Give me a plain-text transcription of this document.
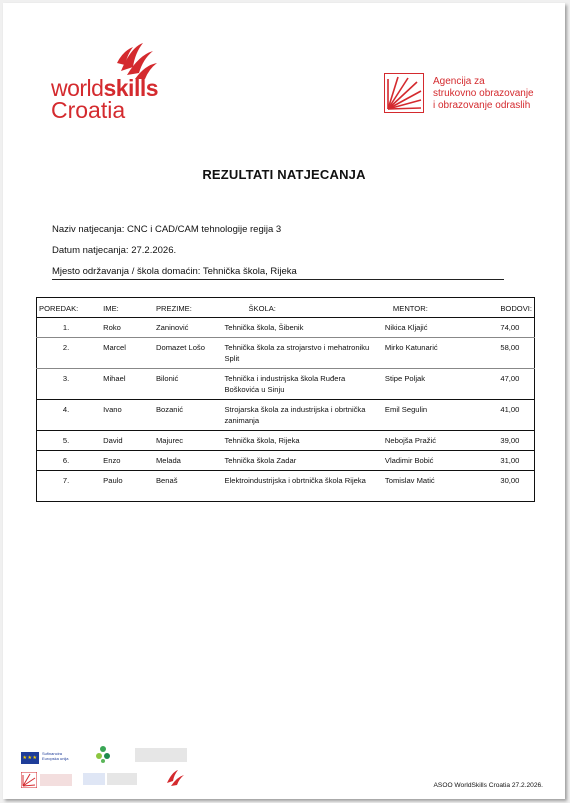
worldskills
Croatia
Agencija za
strukovno obrazovanje
i obrazovanje odraslih
REZULTATI NATJECANJA
Naziv natjecanja: CNC i CAD/CAM tehnologije regija 3
Datum natjecanja: 27.2.2026.
Mjesto održavanja / škola domaćin: Tehnička škola, Rijeka
POREDAK:	IME:	PREZIME:	ŠKOLA:	MENTOR:	BODOVI:
1.	Roko	Zaninović	Tehnička škola, Šibenik	Nikica Kljajić	74,00
2.	Marcel	Domazet Lošo	Tehnička škola za strojarstvo i mehatroniku Split	Mirko Katunarić	58,00
3.	Mihael	Bilonić	Tehnička i industrijska škola Ruđera Boškovića u Sinju	Stipe Poljak	47,00
4.	Ivano	Bozanić	Strojarska škola za industrijska i obrtnička zanimanja	Emil Segulin	41,00
5.	David	Majurec	Tehnička škola, Rijeka	Nebojša Pražić	39,00
6.	Enzo	Melada	Tehnička škola Zadar	Vladimir Bobić	31,00
7.	Paulo	Benaš	Elektroindustrijska i obrtnička škola Rijeka	Tomislav Matić	30,00
★★★
Sufinancira
Europska unija
ASOO WorldSkills Croatia 27.2.2026.
